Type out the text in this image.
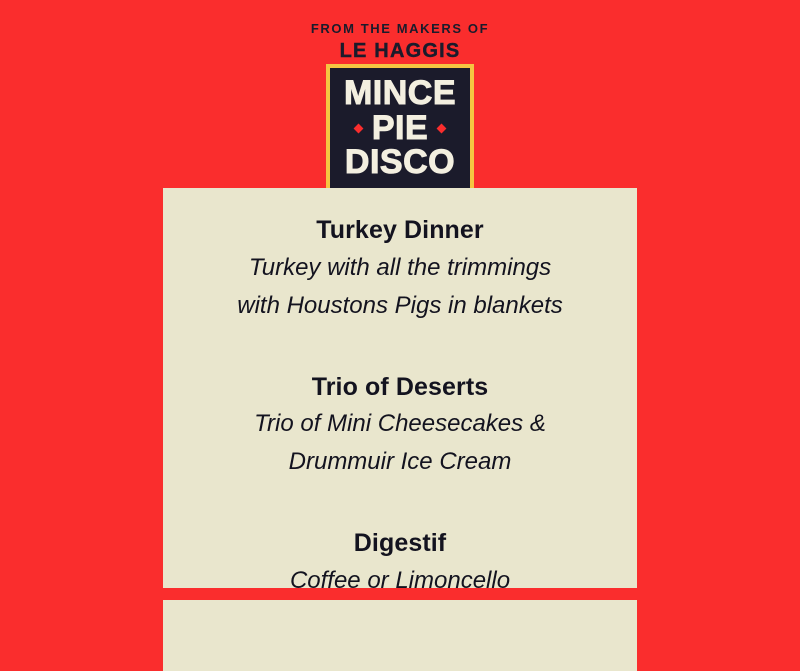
FROM THE MAKERS OF
LE HAGGIS
MINCE
PIE
DISCO
Turkey Dinner
Turkey with all the trimmings
with Houstons Pigs in blankets
Trio of Deserts
Trio of Mini Cheesecakes &
Drummuir Ice Cream
Digestif
Coffee or Limoncello
